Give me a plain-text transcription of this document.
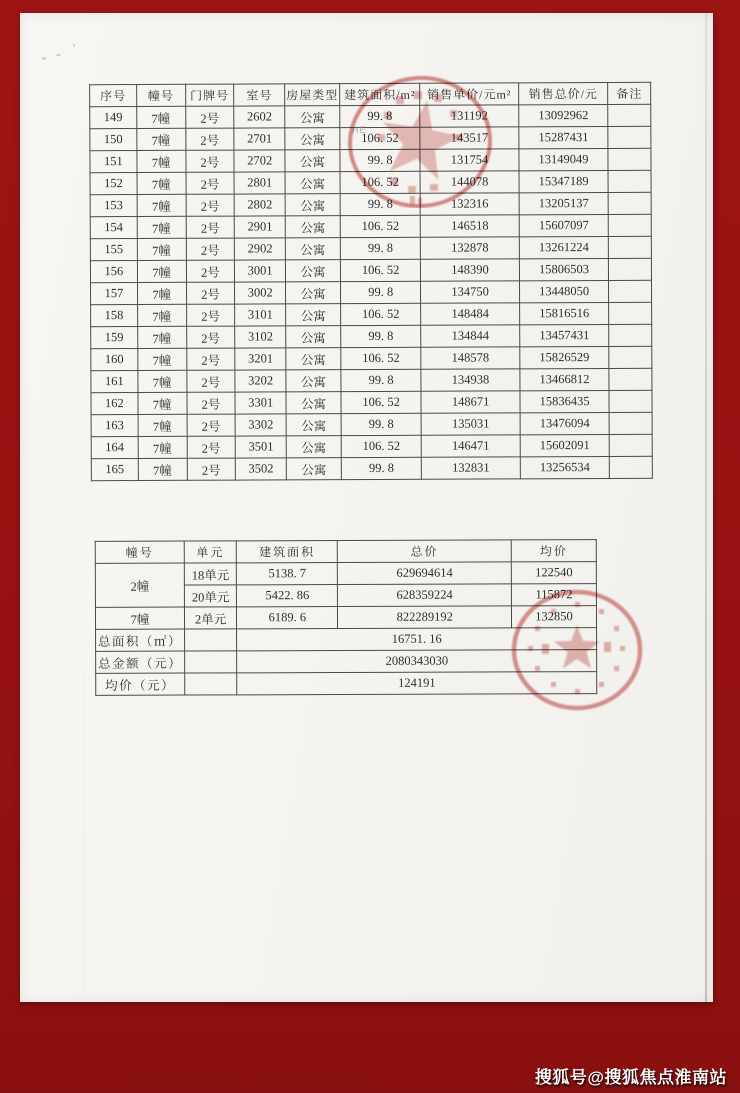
序号	幢号	门牌号	室号	房屋类型	建筑面积/m²	销售单价/元m²	销售总价/元	备注
149	7幢	2号	2602	公寓	99. 8	131192	13092962	
150	7幢	2号	2701	公寓	106. 52	143517	15287431	
151	7幢	2号	2702	公寓	99. 8	131754	13149049	
152	7幢	2号	2801	公寓	106. 52	144078	15347189	
153	7幢	2号	2802	公寓	99. 8	132316	13205137	
154	7幢	2号	2901	公寓	106. 52	146518	15607097	
155	7幢	2号	2902	公寓	99. 8	132878	13261224	
156	7幢	2号	3001	公寓	106. 52	148390	15806503	
157	7幢	2号	3002	公寓	99. 8	134750	13448050	
158	7幢	2号	3101	公寓	106. 52	148484	15816516	
159	7幢	2号	3102	公寓	99. 8	134844	13457431	
160	7幢	2号	3201	公寓	106. 52	148578	15826529	
161	7幢	2号	3202	公寓	99. 8	134938	13466812	
162	7幢	2号	3301	公寓	106. 52	148671	15836435	
163	7幢	2号	3302	公寓	99. 8	135031	13476094	
164	7幢	2号	3501	公寓	106. 52	146471	15602091	
165	7幢	2号	3502	公寓	99. 8	132831	13256534	
幢号	单元	建筑面积	总价	均价
2幢	18单元	5138. 7	629694614	122540
	20单元	5422. 86	628359224	115872
7幢	2单元	6189. 6	822289192	132850
总面积（㎡）		16751. 16		
总金额（元）		2080343030		
均价（元）		124191		
HE
搜狐号@搜狐焦点淮南站
